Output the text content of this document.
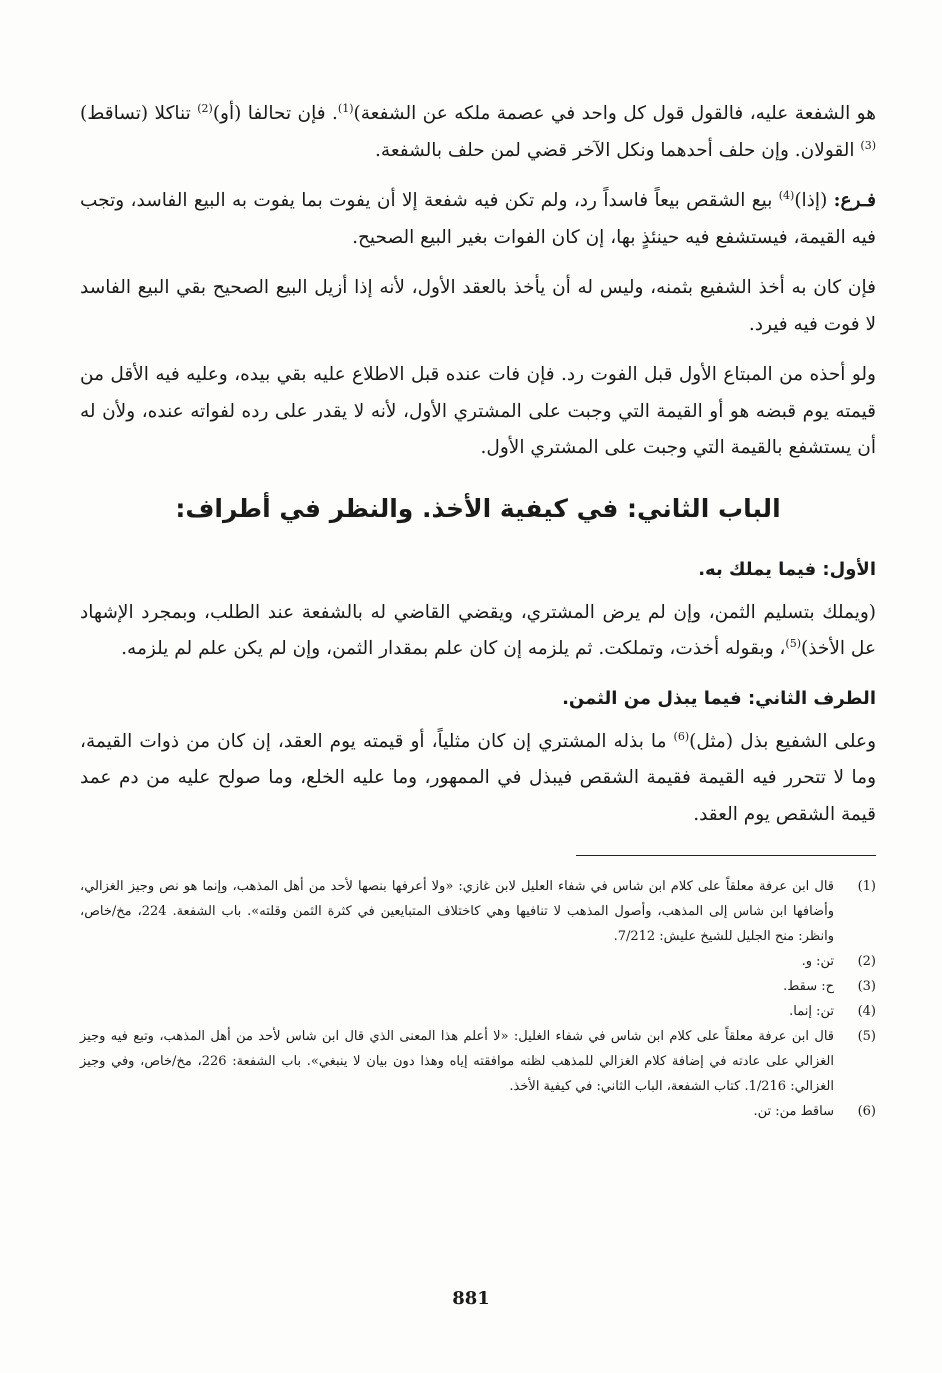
هو الشفعة عليه، فالقول قول كل واحد في عصمة ملكه عن الشفعة)$^{(1)}$. فإن تحالفا (أو)$^{(2)}$ تناكلا (تساقط)$^{(3)}$ القولان. وإن حلف أحدهما ونكل الآخر قضي لمن حلف بالشفعة.

فـرع: (إذا)$^{(4)}$ بيع الشقص بيعاً فاسداً رد، ولم تكن فيه شفعة إلا أن يفوت بما يفوت به البيع الفاسد، وتجب فيه القيمة، فيستشفع فيه حينئذٍ بها، إن كان الفوات بغير البيع الصحيح.

فإن كان به أخذ الشفيع بثمنه، وليس له أن يأخذ بالعقد الأول، لأنه إذا أزيل البيع الصحيح بقي البيع الفاسد لا فوت فيه فيرد.

ولو أحذه من المبتاع الأول قبل الفوت رد. فإن فات عنده قبل الاطلاع عليه بقي بيده، وعليه فيه الأقل من قيمته يوم قبضه هو أو القيمة التي وجبت على المشتري الأول، لأنه لا يقدر على رده لفواته عنده، ولأن له أن يستشفع بالقيمة التي وجبت على المشتري الأول.

الباب الثاني: في كيفية الأخذ. والنظر في أطراف:
الأول: فيما يملك به.

(ويملك بتسليم الثمن، وإن لم يرض المشتري، ويقضي القاضي له بالشفعة عند الطلب، وبمجرد الإشهاد عل الأخذ)$^{(5)}$، وبقوله أخذت، وتملكت. ثم يلزمه إن كان علم بمقدار الثمن، وإن لم يكن علم لم يلزمه.

الطرف الثاني: فيما يبذل من الثمن.

وعلى الشفيع بذل (مثل)$^{(6)}$ ما بذله المشتري إن كان مثلياً، أو قيمته يوم العقد، إن كان من ذوات القيمة، وما لا تتحرر فيه القيمة فقيمة الشقص فيبذل في الممهور، وما عليه الخلع، وما صولح عليه من دم عمد قيمة الشقص يوم العقد.

(1)
قال ابن عرفة معلقاً على كلام ابن شاس في شفاء العليل لابن غازي: «ولا أعرفها بنصها لأحد من أهل المذهب، وإنما هو نص وجيز الغزالي، وأضافها ابن شاس إلى المذهب، وأصول المذهب لا تنافيها وهي كاختلاف المتبايعين في كثرة الثمن وقلته». باب الشفعة. 224، مخ/خاص، وانظر: منح الجليل للشيخ عليش: 7/212.
(2)
تن: و.
(3)
ح: سقط.
(4)
تن: إنما.
(5)
قال ابن عرفة معلقاً على كلام ابن شاس في شفاء الغليل: «لا أعلم هذا المعنى الذي قال ابن شاس لأحد من أهل المذهب، وتبع فيه وجيز الغزالي على عادته في إضافة كلام الغزالي للمذهب لظنه موافقته إياه وهذا دون بيان لا ينبغي». باب الشفعة: 226، مخ/خاص، وفي وجيز الغزالي: 1/216. كتاب الشفعة، الباب الثاني: في كيفية الأخذ.
(6)
ساقط من: تن.
881
